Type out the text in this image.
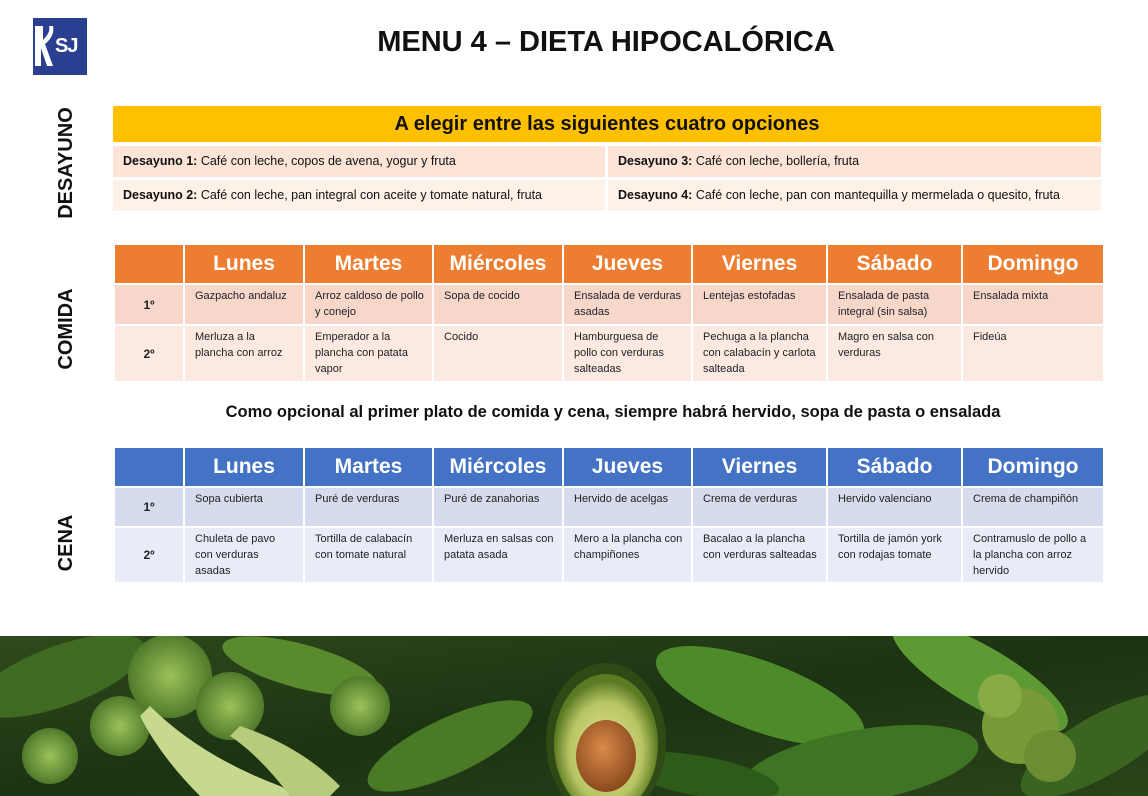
SJ	MENU 4 – DIETA HIPOCALÓRICA
DESAYUNO
COMIDA
CENA
A elegir entre las siguientes cuatro opciones
Desayuno 1: Café con leche, copos de avena, yogur y fruta
Desayuno 2: Café con leche, pan integral con aceite y tomate natural, fruta
Desayuno 3: Café con leche, bollería, fruta
Desayuno 4: Café con leche, pan con mantequilla y mermelada o quesito, fruta
	Lunes	Martes	Miércoles	Jueves	Viernes	Sábado	Domingo
1º	Gazpacho andaluz	Arroz caldoso de pollo y conejo	Sopa de cocido	Ensalada de verduras asadas	Lentejas estofadas	Ensalada de pasta integral (sin salsa)	Ensalada mixta
2º	Merluza a la plancha con arroz	Emperador a la plancha con patata vapor	Cocido	Hamburguesa de pollo con verduras salteadas	Pechuga a la plancha con calabacín y carlota salteada	Magro en salsa con verduras	Fideúa
Como opcional al primer plato de comida y cena, siempre habrá hervido, sopa de pasta o ensalada
	Lunes	Martes	Miércoles	Jueves	Viernes	Sábado	Domingo
1º	Sopa cubierta	Puré de verduras	Puré de zanahorias	Hervido de acelgas	Crema de verduras	Hervido valenciano	Crema de champiñón
2º	Chuleta de pavo con verduras asadas	Tortilla de calabacín con tomate natural	Merluza en salsas con patata asada	Mero a la plancha con champiñones	Bacalao a la plancha con verduras salteadas	Tortilla de jamón york con rodajas tomate	Contramuslo de pollo a la plancha con arroz hervido
